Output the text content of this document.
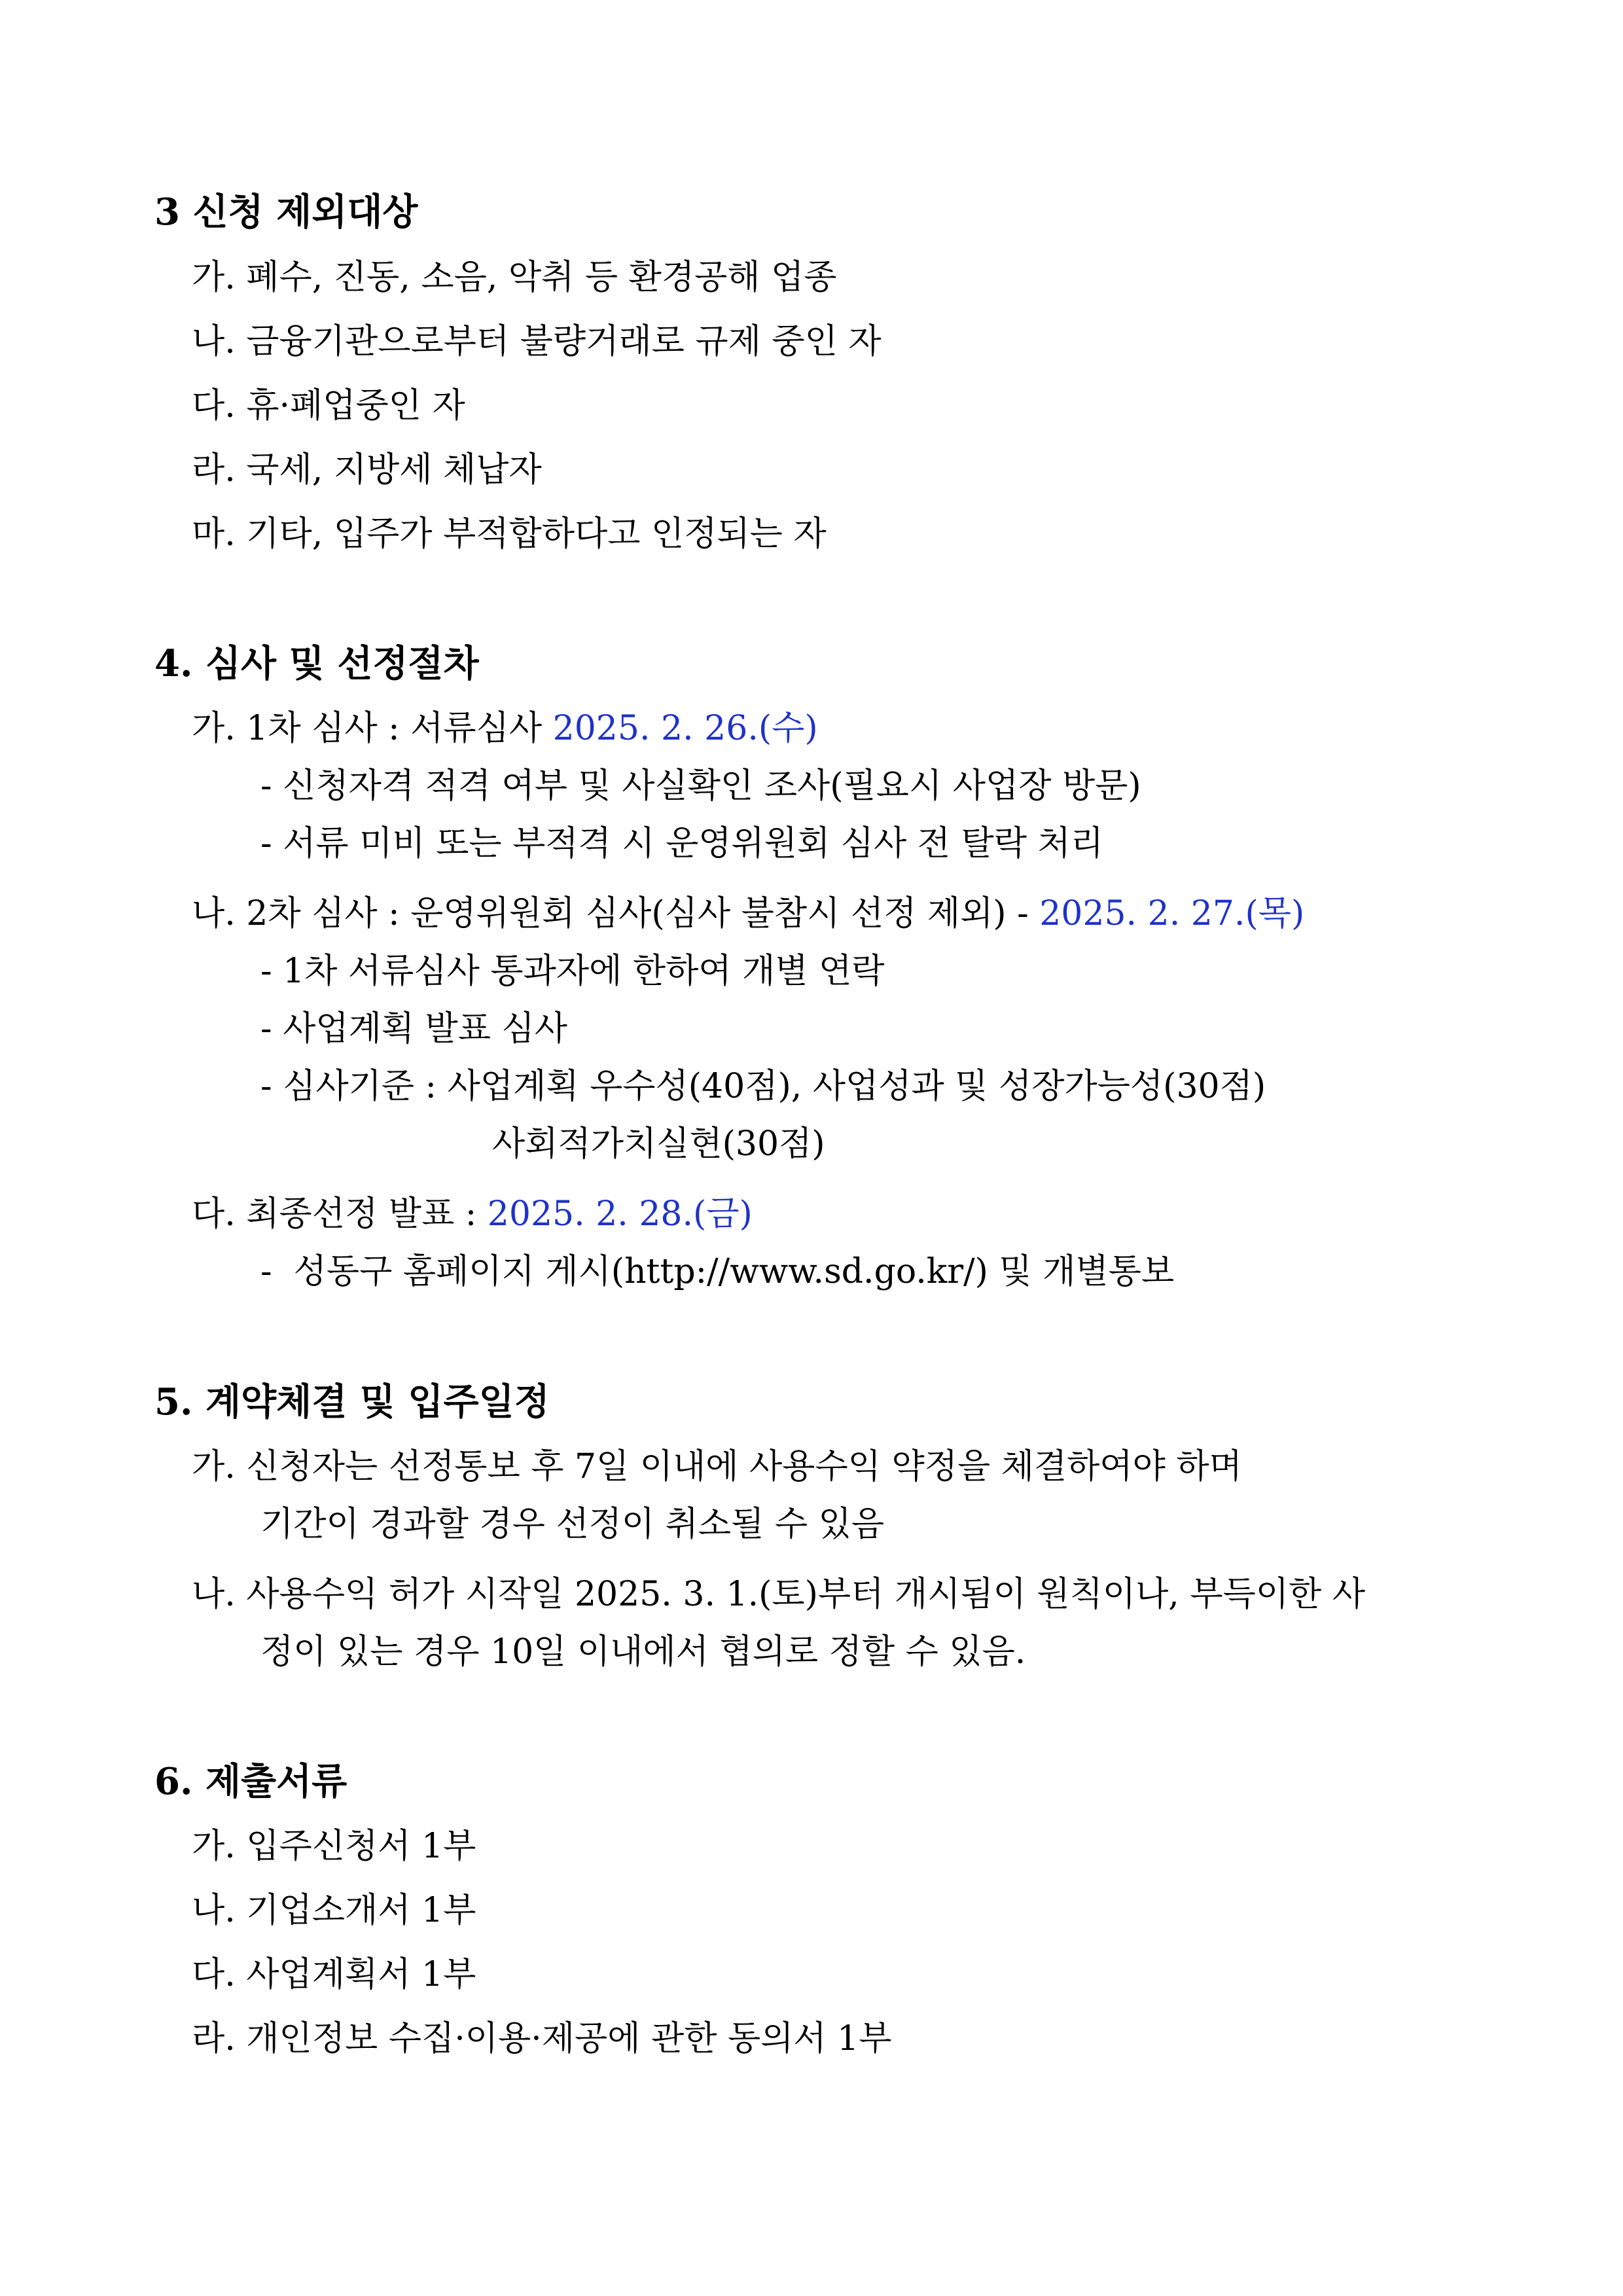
3 신청 제외대상
가. 폐수, 진동, 소음, 악취 등 환경공해 업종
나. 금융기관으로부터 불량거래로 규제 중인 자
다. 휴·폐업중인 자
라. 국세, 지방세 체납자
마. 기타, 입주가 부적합하다고 인정되는 자
4. 심사 및 선정절차
가. 1차 심사 : 서류심사 2025. 2. 26.(수)
- 신청자격 적격 여부 및 사실확인 조사(필요시 사업장 방문)
- 서류 미비 또는 부적격 시 운영위원회 심사 전 탈락 처리
나. 2차 심사 : 운영위원회 심사(심사 불참시 선정 제외) - 2025. 2. 27.(목)
- 1차 서류심사 통과자에 한하여 개별 연락
- 사업계획 발표 심사
- 심사기준 : 사업계획 우수성(40점), 사업성과 및 성장가능성(30점)
사회적가치실현(30점)
다. 최종선정 발표 : 2025. 2. 28.(금)
-  성동구 홈페이지 게시(http://www.sd.go.kr/) 및 개별통보
5. 계약체결 및 입주일정
가. 신청자는 선정통보 후 7일 이내에 사용수익 약정을 체결하여야 하며
기간이 경과할 경우 선정이 취소될 수 있음
나. 사용수익 허가 시작일 2025. 3. 1.(토)부터 개시됨이 원칙이나, 부득이한 사
정이 있는 경우 10일 이내에서 협의로 정할 수 있음.
6. 제출서류
가. 입주신청서 1부
나. 기업소개서 1부
다. 사업계획서 1부
라. 개인정보 수집·이용·제공에 관한 동의서 1부
